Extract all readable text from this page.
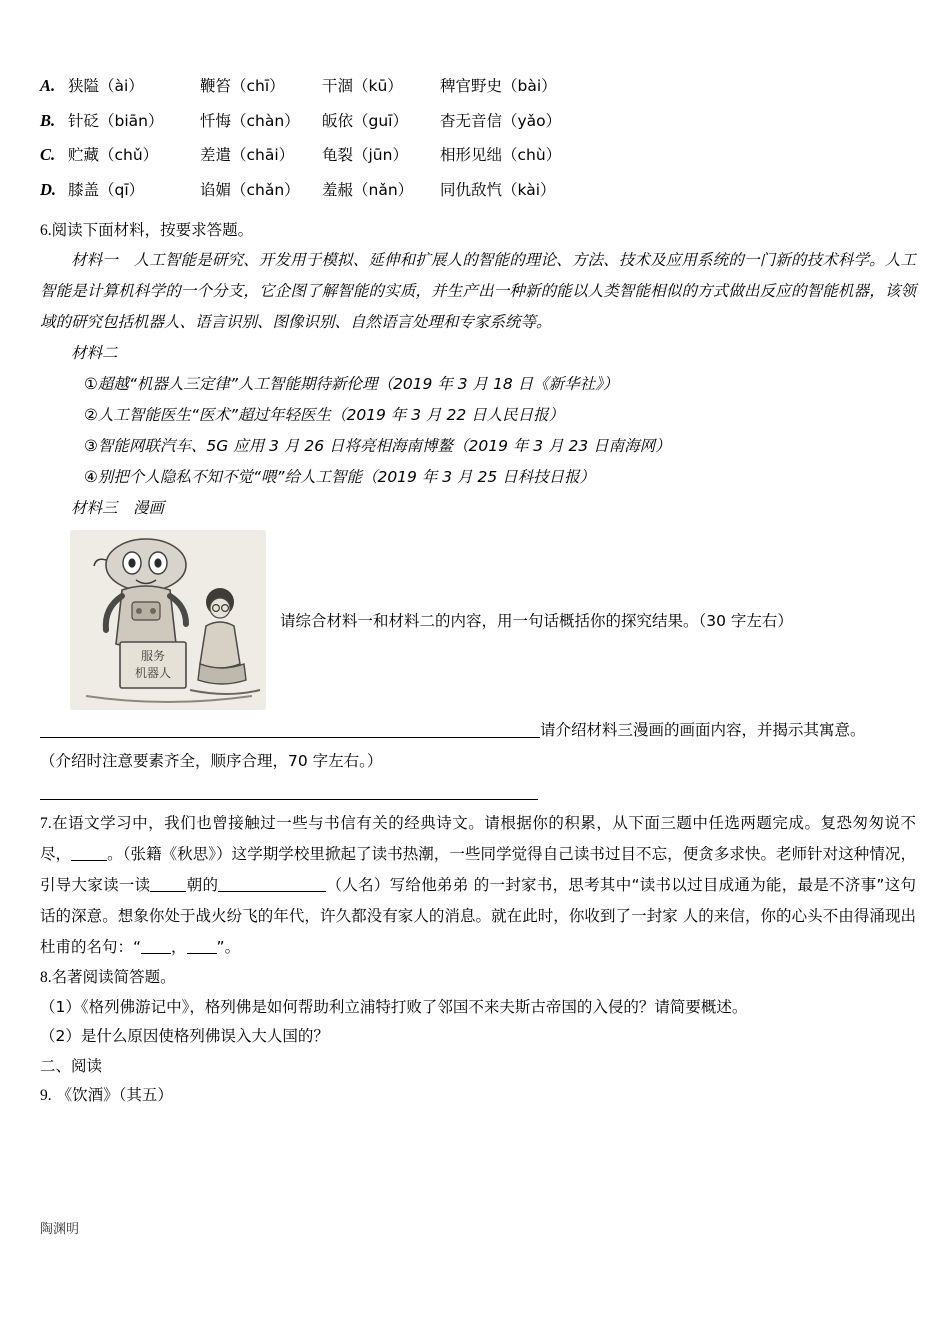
A. 狭隘（ài）	鞭笞（chī） 干涸（kū） 稗官野史（bài）
B. 针砭（biān） 忏悔（chàn） 皈依（guī） 杳无音信（yǎo）
C. 贮藏（chǔ）	差遣（chāi） 龟裂（jūn） 相形见绌（chù）
D. 膝盖（qī）	谄媚（chǎn） 羞赧（nǎn） 同仇敌忾（kài）
6.阅读下面材料，按要求答题。
材料一　 人工智能是研究、开发用于模拟、延伸和扩展人的智能的理论、方法、技术及应用系统的一门新的技术科学。人工智能是计算机科学的一个分支，它企图了解智能的实质，并生产出一种新的能以人类智能相似的方式做出反应的智能机器，该领域的研究包括机器人、语言识别、图像识别、自然语言处理和专家系统等。
材料二
①超越“机器人三定律”人工智能期待新伦理（2019 年 3 月 18 日《新华社》）
②人工智能医生“医术”超过年轻医生（2019 年 3 月 22 日人民日报）
③智能网联汽车、5G 应用 3 月 26 日将亮相海南博鳌（2019 年 3 月 23 日南海网）
④别把个人隐私不知不觉“喂”给人工智能（2019 年 3 月 25 日科技日报）
材料三　漫画
服务
机器人
请综合材料一和材料二的内容，用一句话概括你的探究结果。（30 字左右）
请介绍材料三漫画的画面内容，并揭示其寓意。
（介绍时注意要素齐全，顺序合理，70 字左右。）
7.在语文学习中，我们也曾接触过一些与书信有关的经典诗文。请根据你的积累，从下面三题中任选两题完成。复恐匆匆说不尽， 。（张籍《秋思》）这学期学校里掀起了读书热潮，一些同学觉得自己读书过目不忘，便贪多求快。老师针对这种情况，引导大家读一读 朝的	（人名）写给他弟弟 的一封家书，思考其中“读书以过目成通为能，最是不济事”这句话的深意。想象你处于战火纷飞的年代，许久都没有家人的消息。就在此时，你收到了一封家 人的来信，你的心头不由得涌现出杜甫的名句：“ ， ”。
8.名著阅读简答题。
（1）《格列佛游记中》，格列佛是如何帮助利立浦特打败了邻国不来夫斯古帝国的入侵的？请简要概述。
（2）是什么原因使格列佛误入大人国的？
二、阅读
9. 《饮酒》（其五）
陶渊明
